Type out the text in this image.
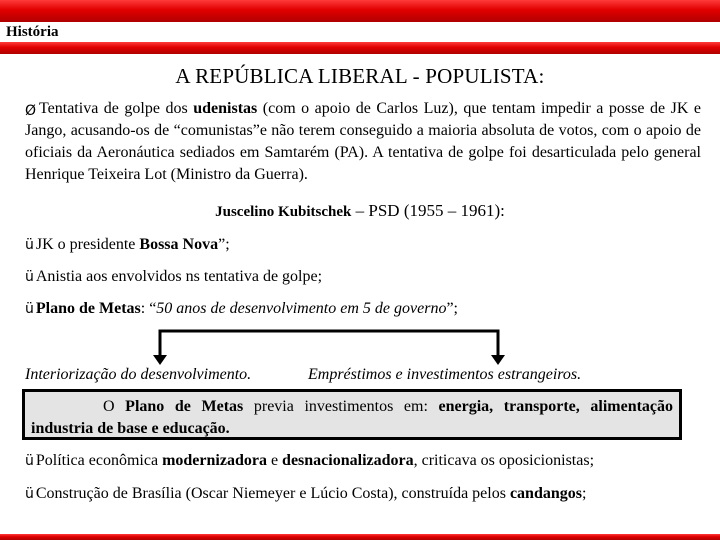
História
A REPÚBLICA LIBERAL - POPULISTA:
Ø Tentativa de golpe dos udenistas (com o apoio de Carlos Luz), que tentam impedir a posse de JK e Jango, acusando-os de “comunistas”e não terem conseguido a maioria absoluta de votos, com o apoio de oficiais da Aeronáutica sediados em Samtarém (PA). A tentativa de golpe foi desarticulada pelo general Henrique Teixeira Lot (Ministro da Guerra).
Juscelino Kubitschek – PSD (1955 – 1961):
ü JK o presidente Bossa Nova”;
ü Anistia aos envolvidos ns tentativa de golpe;
ü Plano de Metas: “50 anos de desenvolvimento em 5 de governo”;
Interiorização do desenvolvimento.	Empréstimos e investimentos estrangeiros.
O Plano de Metas previa investimentos em: energia, transporte, alimentação industria de base e educação.
ü Política econômica modernizadora e desnacionalizadora, criticava os oposicionistas;
ü Construção de Brasília (Oscar Niemeyer e Lúcio Costa), construída pelos candangos;
